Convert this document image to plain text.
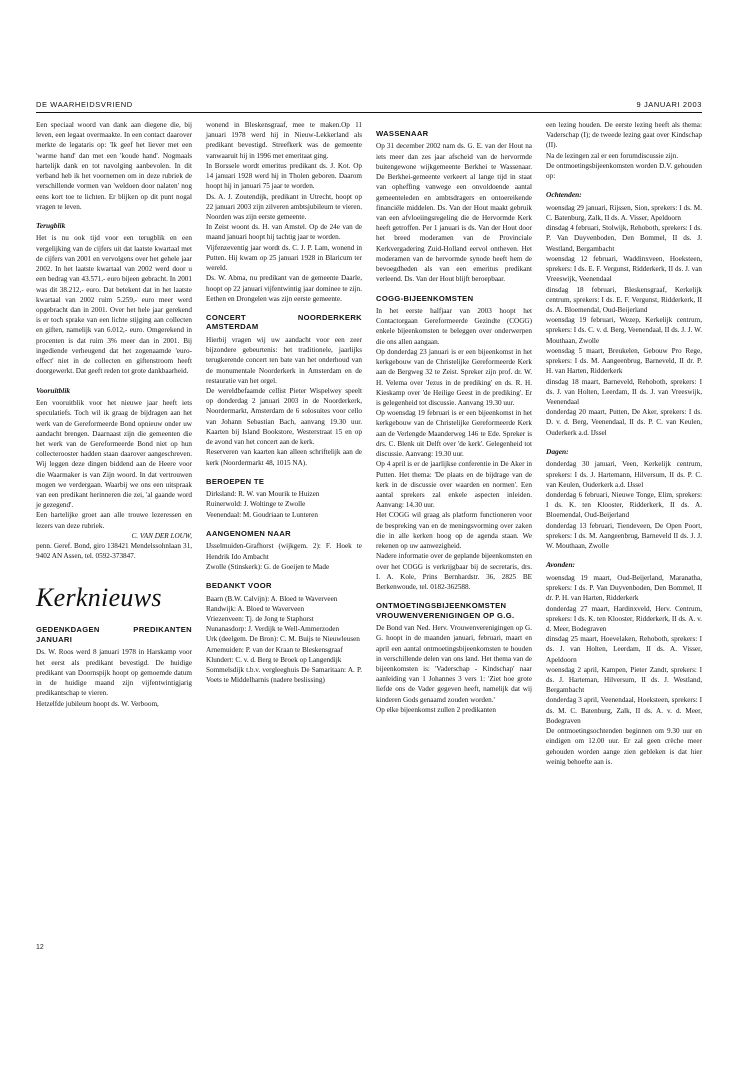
DE WAARHEIDSVRIEND	9 JANUARI 2003

Een speciaal woord van dank aan diegene die, bij leven, een legaat overmaakte. In een contact daarover merkte de legataris op: 'Ik geef het liever met een 'warme hand' dan met een 'koude hand'. Nogmaals hartelijk dank en tot navolging aanbevolen. In dit verband heb ik het voornemen om in deze rubriek de verschillende vormen van 'weldoen door nalaten' nog eens kort toe te lichten. Er blijken op dit punt nogal vragen te leven.

Terugblik

Het is nu ook tijd voor een terugblik en een vergelijking van de cijfers uit dat laatste kwartaal met de cijfers van 2001 en vervolgens over het gehele jaar 2002. In het laatste kwartaal van 2002 werd door u een bedrag van 43.571,- euro bijeen gebracht. In 2001 was dit 38.212,- euro. Dat betekent dat in het laatste kwartaal van 2002 ruim 5.259,- euro meer werd opgebracht dan in 2001. Over het hele jaar gerekend is er toch sprake van een lichte stijging aan collecten en giften, namelijk van 6.012,- euro. Omgerekend in procenten is dat ruim 3% meer dan in 2001. Bij ingediende verheugend dat het zogenaamde 'euro-effect' niet in de collecten en giftenstroom heeft doorgewerkt. Dat geeft reden tot grote dankbaarheid.

Vooruitblik

Een vooruitblik voor het nieuwe jaar heeft iets speculatiefs. Toch wil ik graag de bijdragen aan het werk van de Gereformeerde Bond opnieuw onder uw aandacht brengen. Daarnaast zijn die gemeenten die het werk van de Gereformeerde Bond niet op hun collecterooster hadden staan daarover aangeschreven. Wij leggen deze dingen biddend aan de Heere voor die Waarmaker is van Zijn woord. In dat vertrouwen mogen we verdergaan. Waarbij we ons een uitspraak van een predikant herinneren die zei, 'al gaande word je gezegend'.

Een hartelijke groet aan alle trouwe lezeressen en lezers van deze rubriek.

C. VAN DER LOUW,

penn. Geref. Bond, giro 138421 Mendelssohnlaan 31, 9402 AN Assen, tel. 0592-373847.

Kerknieuws
GEDENKDAGEN PREDIKANTEN JANUARI

Ds. W. Roos werd 8 januari 1978 in Harskamp voor het eerst als predikant bevestigd. De huidige predikant van Doornspijk hoopt op gemoemde datum in de huidige maand zijn vijfentwintigjarig predikantschap te vieren.

Hetzelfde jubileum hoopt ds. W. Verboom,

wonend in Bleskensgraaf, mee te maken.Op 11 januari 1978 werd hij in Nieuw-Lekkerland als predikant bevestigd. Streefkerk was de gemeente vanwaaruit hij in 1996 met emeritaat ging.

In Borssele wordt emeritus predikant ds. J. Kot. Op 14 januari 1928 werd hij in Tholen geboren. Daarom hoopt hij in januari 75 jaar te worden.

Ds. A. J. Zoutendijk, predikant in Utrecht, hoopt op 22 januari 2003 zijn zilveren ambtsjubileum te vieren. Noorden was zijn eerste gemeente.

In Zeist woont ds. H. van Amstel. Op de 24e van de maand januari hoopt hij tachtig jaar te worden.

Vijfenzeventig jaar wordt ds. C. J. P. Lam, wonend in Putten. Hij kwam op 25 januari 1928 in Blaricum ter wereld.

Ds. W. Abma, nu predikant van de gemeente Daarle, hoopt op 22 januari vijfentwintig jaar dominee te zijn. Eethen en Drongelen was zijn eerste gemeente.

CONCERT NOORDERKERK AMSTERDAM

Hierbij vragen wij uw aandacht voor een zeer bijzondere gebeurtenis: het traditionele, jaarlijks terugkerende concert ten bate van het onderhoud van de monumentale Noorderkerk in Amsterdam en de restauratie van het orgel.

De wereldbefaamde cellist Pieter Wispelwey speelt op donderdag 2 januari 2003 in de Noorderkerk, Noordermarkt, Amsterdam de 6 solosuites voor cello van Johann Sebastian Bach, aanvang 19.30 uur. Kaarten bij Island Bookstore, Westerstraat 15 en op de avond van het concert aan de kerk.

Reserveren van kaarten kan alleen schriftelijk aan de kerk (Noordermarkt 48, 1015 NA).

BEROEPEN TE

Dirksland: R. W. van Mourik te Huizen

Ruinerwold: J. Woltinge te Zwolle

Veenendaal: M. Goudriaan te Lunteren

AANGENOMEN NAAR

IJsselmuiden-Grafhorst (wijkgem. 2): F. Hoek te Hendrik Ido Ambacht

Zwolle (Stinskerk): G. de Goeijen te Made

BEDANKT VOOR

Baarn (B.W. Calvijn): A. Bloed te Waverveen

Randwijk: A. Bloed te Waverveen

Vriezenveen: Tj. de Jong te Staphorst

Nunanasdorp: J. Verdijk te Well-Ammerzoden

Urk (deelgem. De Bron): C. M. Buijs te Nieuwleusen

Arnemuiden: P. van der Kraan te Bleskensgraaf

Klundert: C. v. d. Berg te Broek op Langendijk

Sommelsdijk t.b.v. vergleeghuis De Samaritaan: A. P. Voets te Middelharnis (nadere beslissing)

WASSENAAR

Op 31 december 2002 nam ds. G. E. van der Hout na iets meer dan zes jaar afscheid van de hervormde buitengewone wijkgemeente Berkhei te Wassenaar. De Berkhei-gemeente verkeert al lange tijd in staat van opheffing vanwege een onvoldoende aantal gemeenteleden en ambtsdragers en ontoereikende financiële middelen. Ds. Van der Hout maakt gebruik van een afvloeiingsregeling die de Hervormde Kerk heeft getroffen. Per 1 januari is ds. Van der Hout door het breed moderamen van de Provinciale Kerkvergadering Zuid-Holland eervol ontheven. Het moderamen van de hervormde synode heeft hem de bevoegdheden als van een emeritus predikant verleend. Ds. Van der Hout blijft beroepbaar.

COGG-BIJEENKOMSTEN

In het eerste halfjaar van 2003 hoopt het Contactorgaan Gereformeerde Gezindte (COGG) enkele bijeenkomsten te beleggen over onderwerpen die ons allen aangaan.

Op donderdag 23 januari is er een bijeenkomst in het kerkgebouw van de Christelijke Gereformeerde Kerk aan de Bergweg 32 te Zeist. Spreker zijn prof. dr. W. H. Velema over 'Jezus in de prediking' en ds. R. H. Kieskamp over 'de Heilige Geest in de prediking'. Er is gelegenheid tot discussie. Aanvang 19.30 uur.

Op woensdag 19 februari is er een bijeenkomst in het kerkgebouw van de Christelijke Gereformeerde Kerk aan de Verlengde Maanderweg 146 te Ede. Spreker is drs. C. Blenk uit Delft over 'de kerk'. Gelegenheid tot discussie. Aanvang: 19.30 uur.

Op 4 april is er de jaarlijkse conferentie in De Aker in Putten. Het thema: 'De plaats en de bijdrage van de kerk in de discussie over waarden en normen'. Een aantal sprekers zal enkele aspecten inleiden. Aanvang: 14.30 uur.

Het COGG wil graag als platform functioneren voor de bespreking van en de meningsvorming over zaken die in alle kerken hoog op de agenda staan. We rekenen op uw aanwezigheid.

Nadere informatie over de geplande bijeenkomsten en over het COGG is verkrijgbaar bij de secretaris, drs. I. A. Kole, Prins Bernhardstr. 36, 2825 BE Berkenwoude, tel. 0182-362588.

ONTMOETINGSBIJEENKOMSTEN VROUWENVERENIGINGEN OP G.G.

De Bond van Ned. Herv. Vrouwenverenigingen op G. G. hoopt in de maanden januari, februari, maart en april een aantal ontmoetingsbijeenkomsten te houden in verschillende delen van ons land. Het thema van de bijeenkomsten is: 'Vaderschap - Kindschap' naar aanleiding van 1 Johannes 3 vers 1: 'Ziet hoe grote liefde ons de Vader gegeven heeft, namelijk dat wij kinderen Gods genaamd zouden worden.'

Op elke bijeenkomst zullen 2 predikanten

een lezing houden. De eerste lezing heeft als thema: Vaderschap (I); de tweede lezing gaat over Kindschap (II).

Na de lezingen zal er een forumdiscussie zijn.

De ontmoetingsbijeenkomsten worden D.V. gehouden op:

Ochtenden:

woensdag 29 januari, Rijssen, Sion, sprekers: I ds. M. C. Batenburg, Zalk, II ds. A. Visser, Apeldoorn

dinsdag 4 februari, Stolwijk, Rehoboth, sprekers: I ds. P. Van Duyvenboden, Den Bommel, II ds. J. Westland, Bergambacht

woensdag 12 februari, Waddinxveen, Hoeksteen, sprekers: I ds. E. F. Vergunst, Ridderkerk, II ds. J. van Vreeswijk, Veenendaal

dinsdag 18 februari, Bleskensgraaf, Kerkelijk centrum, sprekers: I ds. E. F. Vergunst, Ridderkerk, II ds. A. Bloemendal, Oud-Beijerland

woensdag 19 februari, Wezep, Kerkelijk centrum, sprekers: I ds. C. v. d. Berg, Veenendaal, II ds. J. J. W. Mouthaan, Zwolle

woensdag 5 maart, Breukelen, Gebouw Pro Rege, sprekers: I ds. M. Aangeenbrug, Barneveld, II dr. P. H. van Harten, Ridderkerk

dinsdag 18 maart, Barneveld, Rehoboth, sprekers: I ds. J. van Holten, Leerdam, II ds. J. van Vreeswijk, Veenendaal

donderdag 20 maart, Putten, De Aker, sprekers: I ds. D. v. d. Berg, Veenendaal, II ds. P. C. van Keulen, Ouderkerk a.d. IJssel

Dagen:

donderdag 30 januari, Veen, Kerkelijk centrum, sprekers: I ds. J. Hartemann, Hilversum, II ds. P. C. van Keulen, Ouderkerk a.d. IJssel

donderdag 6 februari, Nieuwe Tonge, Elim, sprekers: I ds. K. ten Klooster, Ridderkerk, II ds. A. Bloemendal, Oud-Beijerland

donderdag 13 februari, Tiendeveen, De Open Poort, sprekers: I ds. M. Aangeenbrug, Barneveld II ds. J. J. W. Mouthaan, Zwolle

Avonden:

woensdag 19 maart, Oud-Beijerland, Maranatha, sprekers: I ds. P. Van Duyvenboden, Den Bommel, II dr. P. H. van Harten, Ridderkerk

donderdag 27 maart, Hardinxveld, Herv. Centrum, sprekers: I ds. K. ten Klooster, Ridderkerk, II ds. A. v. d. Meer, Bodegraven

dinsdag 25 maart, Hoevelaken, Rehoboth, sprekers: I ds. J. van Holten, Leerdam, II ds. A. Visser, Apeldoorn

woensdag 2 april, Kampen, Pieter Zandt, sprekers: I ds. J. Harteman, Hilversum, II ds. J. Westland, Bergambacht

donderdag 3 april, Veenendaal, Hoeksteen, sprekers: I ds. M. C. Batenburg, Zalk, II ds. A. v. d. Meer, Bodegraven

De ontmoetingsochtenden beginnen om 9.30 uur en eindigen om 12.00 uur. Er zal geen crèche meer gehouden worden aange zien gebleken is dat hier weinig behoefte aan is.

12
